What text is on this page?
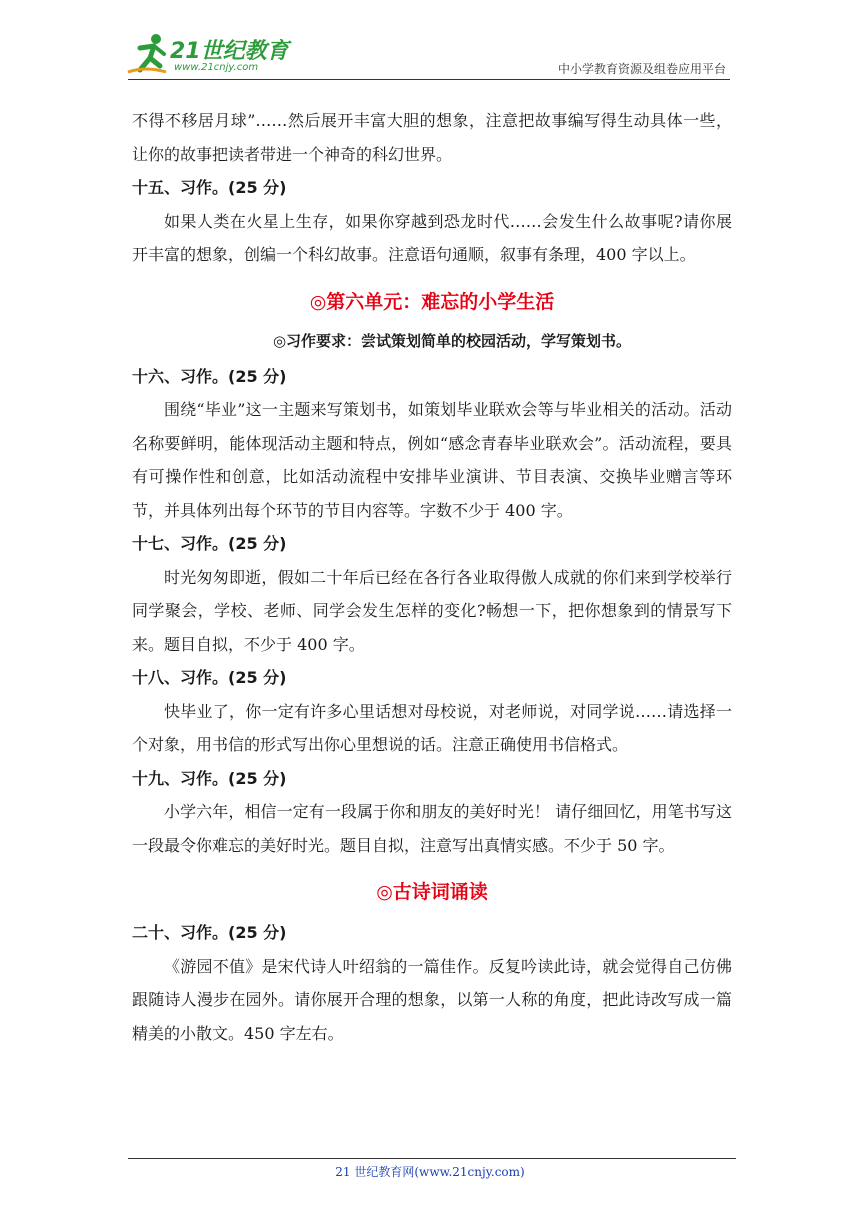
21世纪教育
www.21cnjy.com	中小学教育资源及组卷应用平台

不得不移居月球”……然后展开丰富大胆的想象，注意把故事编写得生动具体一些，让你的故事把读者带进一个神奇的科幻世界。

十五、习作。(25 分)

如果人类在火星上生存，如果你穿越到恐龙时代……会发生什么故事呢?请你展开丰富的想象，创编一个科幻故事。注意语句通顺，叙事有条理，400 字以上。

◎第六单元：难忘的小学生活
◎习作要求：尝试策划简单的校园活动，学写策划书。

十六、习作。(25 分)

围绕“毕业”这一主题来写策划书，如策划毕业联欢会等与毕业相关的活动。活动名称要鲜明，能体现活动主题和特点，例如“感念青春毕业联欢会”。活动流程，要具有可操作性和创意，比如活动流程中安排毕业演讲、节目表演、交换毕业赠言等环节，并具体列出每个环节的节目内容等。字数不少于 400 字。

十七、习作。(25 分)

时光匆匆即逝，假如二十年后已经在各行各业取得傲人成就的你们来到学校举行同学聚会，学校、老师、同学会发生怎样的变化?畅想一下，把你想象到的情景写下来。题目自拟，不少于 400 字。

十八、习作。(25 分)

快毕业了，你一定有许多心里话想对母校说，对老师说，对同学说……请选择一个对象，用书信的形式写出你心里想说的话。注意正确使用书信格式。

十九、习作。(25 分)

小学六年，相信一定有一段属于你和朋友的美好时光！ 请仔细回忆，用笔书写这一段最令你难忘的美好时光。题目自拟，注意写出真情实感。不少于 50 字。

◎古诗词诵读

二十、习作。(25 分)

《游园不值》是宋代诗人叶绍翁的一篇佳作。反复吟读此诗，就会觉得自己仿佛跟随诗人漫步在园外。请你展开合理的想象，以第一人称的角度，把此诗改写成一篇精美的小散文。450 字左右。

21 世纪教育网(www.21cnjy.com)
